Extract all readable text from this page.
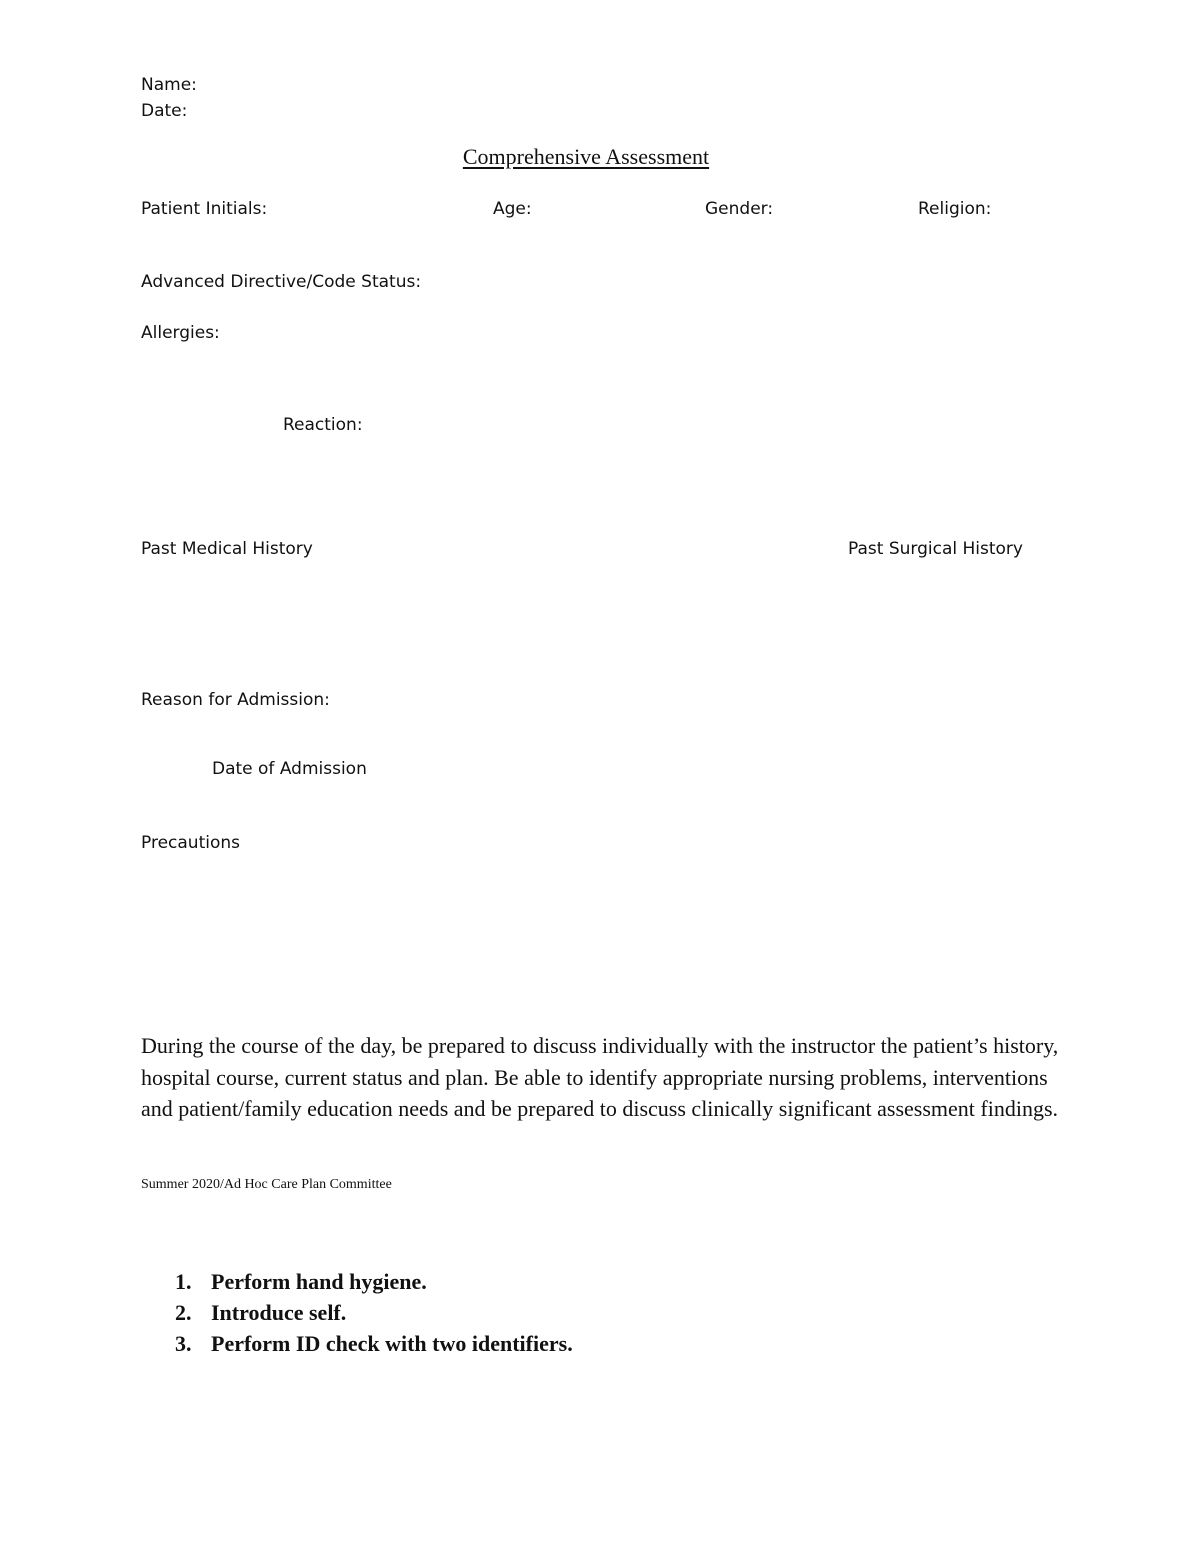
Name:
Date:
Comprehensive Assessment
Patient Initials:	Age:	Gender:	Religion:
Advanced Directive/Code Status:
Allergies:
Reaction:
Past Medical History	Past Surgical History
Reason for Admission:
Date of Admission
Precautions
During the course of the day, be prepared to discuss individually with the instructor the patient’s history, hospital course, current status and plan. Be able to identify appropriate nursing problems, interventions and patient/family education needs and be prepared to discuss clinically significant assessment findings.
Summer 2020/Ad Hoc Care Plan Committee
1. Perform hand hygiene.
2. Introduce self.
3. Perform ID check with two identifiers.
